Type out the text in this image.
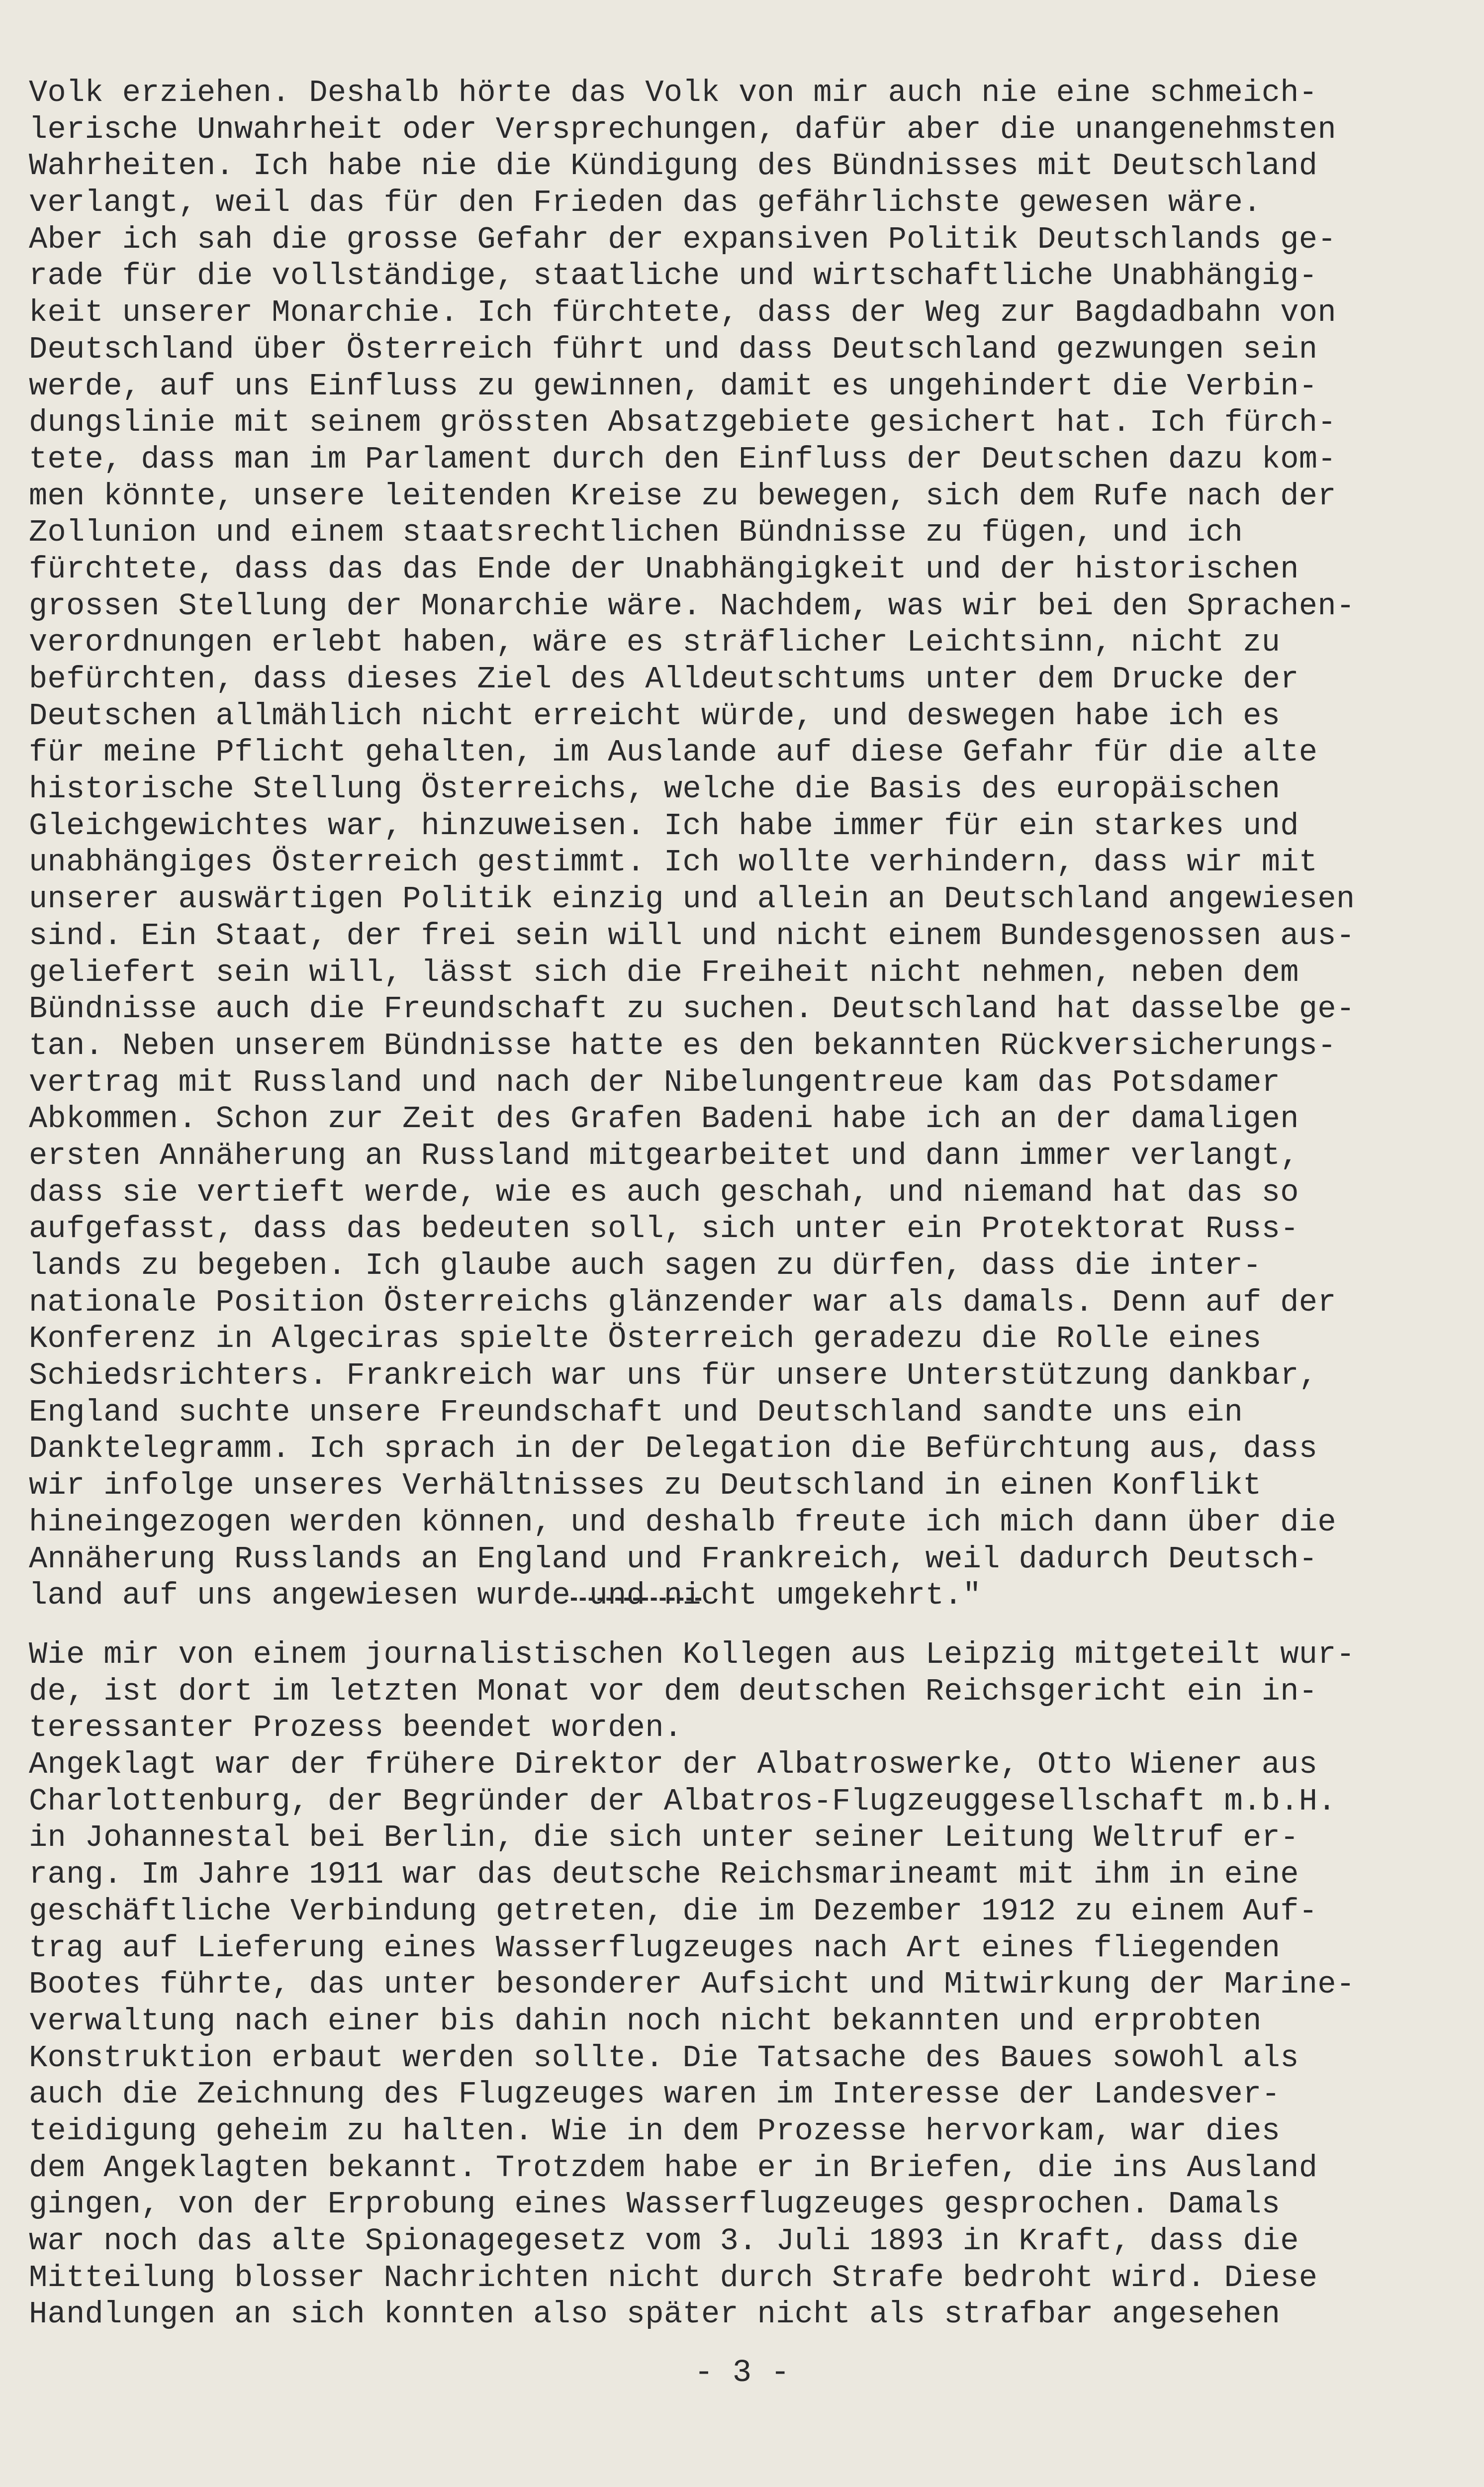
Volk erziehen. Deshalb hörte das Volk von mir auch nie eine schmeich-
lerische Unwahrheit oder Versprechungen, dafür aber die unangenehmsten
Wahrheiten. Ich habe nie die Kündigung des Bündnisses mit Deutschland
verlangt, weil das für den Frieden das gefährlichste gewesen wäre.
Aber ich sah die grosse Gefahr der expansiven Politik Deutschlands ge-
rade für die vollständige, staatliche und wirtschaftliche Unabhängig-
keit unserer Monarchie. Ich fürchtete, dass der Weg zur Bagdadbahn von
Deutschland über Österreich führt und dass Deutschland gezwungen sein
werde, auf uns Einfluss zu gewinnen, damit es ungehindert die Verbin-
dungslinie mit seinem grössten Absatzgebiete gesichert hat. Ich fürch-
tete, dass man im Parlament durch den Einfluss der Deutschen dazu kom-
men könnte, unsere leitenden Kreise zu bewegen, sich dem Rufe nach der
Zollunion und einem staatsrechtlichen Bündnisse zu fügen, und ich
fürchtete, dass das das Ende der Unabhängigkeit und der historischen
grossen Stellung der Monarchie wäre. Nachdem, was wir bei den Sprachen-
verordnungen erlebt haben, wäre es sträflicher Leichtsinn, nicht zu
befürchten, dass dieses Ziel des Alldeutschtums unter dem Drucke der
Deutschen allmählich nicht erreicht würde, und deswegen habe ich es
für meine Pflicht gehalten, im Auslande auf diese Gefahr für die alte
historische Stellung Österreichs, welche die Basis des europäischen
Gleichgewichtes war, hinzuweisen. Ich habe immer für ein starkes und
unabhängiges Österreich gestimmt. Ich wollte verhindern, dass wir mit
unserer auswärtigen Politik einzig und allein an Deutschland angewiesen
sind. Ein Staat, der frei sein will und nicht einem Bundesgenossen aus-
geliefert sein will, lässt sich die Freiheit nicht nehmen, neben dem
Bündnisse auch die Freundschaft zu suchen. Deutschland hat dasselbe ge-
tan. Neben unserem Bündnisse hatte es den bekannten Rückversicherungs-
vertrag mit Russland und nach der Nibelungentreue kam das Potsdamer
Abkommen. Schon zur Zeit des Grafen Badeni habe ich an der damaligen
ersten Annäherung an Russland mitgearbeitet und dann immer verlangt,
dass sie vertieft werde, wie es auch geschah, und niemand hat das so
aufgefasst, dass das bedeuten soll, sich unter ein Protektorat Russ-
lands zu begeben. Ich glaube auch sagen zu dürfen, dass die inter-
nationale Position Österreichs glänzender war als damals. Denn auf der
Konferenz in Algeciras spielte Österreich geradezu die Rolle eines
Schiedsrichters. Frankreich war uns für unsere Unterstützung dankbar,
England suchte unsere Freundschaft und Deutschland sandte uns ein
Danktelegramm. Ich sprach in der Delegation die Befürchtung aus, dass
wir infolge unseres Verhältnisses zu Deutschland in einen Konflikt
hineingezogen werden können, und deshalb freute ich mich dann über die
Annäherung Russlands an England und Frankreich, weil dadurch Deutsch-
land auf uns angewiesen wurde und nicht umgekehrt."
Wie mir von einem journalistischen Kollegen aus Leipzig mitgeteilt wur-
de, ist dort im letzten Monat vor dem deutschen Reichsgericht ein in-
teressanter Prozess beendet worden.
Angeklagt war der frühere Direktor der Albatroswerke, Otto Wiener aus
Charlottenburg, der Begründer der Albatros-Flugzeuggesellschaft m.b.H.
in Johannestal bei Berlin, die sich unter seiner Leitung Weltruf er-
rang. Im Jahre 1911 war das deutsche Reichsmarineamt mit ihm in eine
geschäftliche Verbindung getreten, die im Dezember 1912 zu einem Auf-
trag auf Lieferung eines Wasserflugzeuges nach Art eines fliegenden
Bootes führte, das unter besonderer Aufsicht und Mitwirkung der Marine-
verwaltung nach einer bis dahin noch nicht bekannten und erprobten
Konstruktion erbaut werden sollte. Die Tatsache des Baues sowohl als
auch die Zeichnung des Flugzeuges waren im Interesse der Landesver-
teidigung geheim zu halten. Wie in dem Prozesse hervorkam, war dies
dem Angeklagten bekannt. Trotzdem habe er in Briefen, die ins Ausland
gingen, von der Erprobung eines Wasserflugzeuges gesprochen. Damals
war noch das alte Spionagegesetz vom 3. Juli 1893 in Kraft, dass die
Mitteilung blosser Nachrichten nicht durch Strafe bedroht wird. Diese
Handlungen an sich konnten also später nicht als strafbar angesehen
- 3 -
